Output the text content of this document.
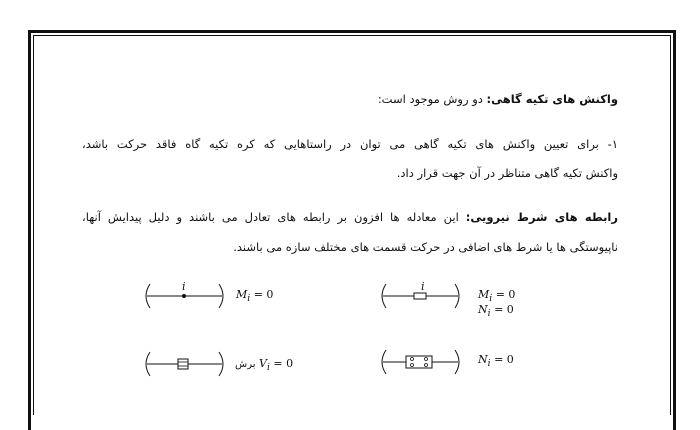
واکنش های تکیه گاهی: دو روش موجود است:
۱- برای تعیین واکنش های تکیه گاهی می توان در راستاهایی که کره تکیه گاه فاقد حرکت باشد،
واکنش تکیه گاهی متناظر در آن جهت قرار داد.
رابطه های شرط نیرویی: این معادله ها افزون بر رابطه های تعادل می باشند و دلیل پیدایش آنها،
ناپیوستگی ها یا شرط های اضافی در حرکت قسمت های مختلف سازه می باشند.
i
$M_i = 0$
i
$M_i = 0$
$N_i = 0$
برش $V_i = 0$	$N_i = 0$
